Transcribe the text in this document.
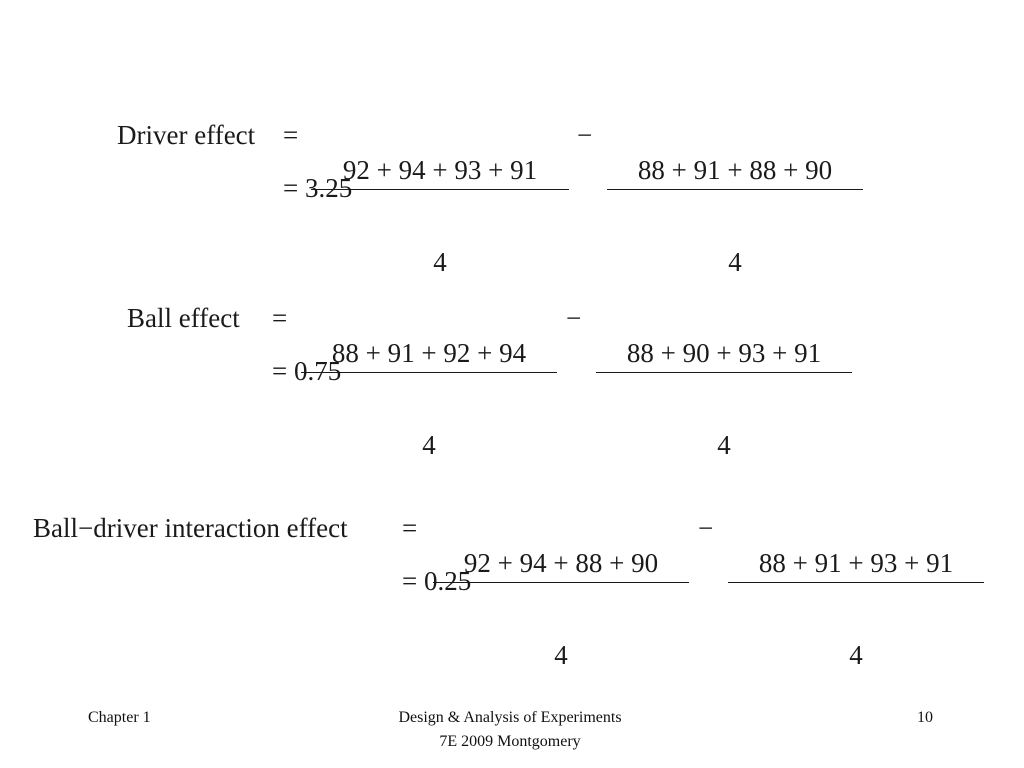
Driver effect

=

$\frac{92 + 94 + 93 + 91}{4}$

−

$\frac{88 + 91 + 88 + 90}{4}$

= 3.25

Ball effect

=

$\frac{88 + 91 + 92 + 94}{4}$

−

$\frac{88 + 90 + 93 + 91}{4}$

= 0.75

Ball−driver interaction effect

=

$\frac{92 + 94 + 88 + 90}{4}$

−

$\frac{88 + 91 + 93 + 91}{4}$

= 0.25

Chapter 1	Design & Analysis of Experiments
7E 2009 Montgomery
10
